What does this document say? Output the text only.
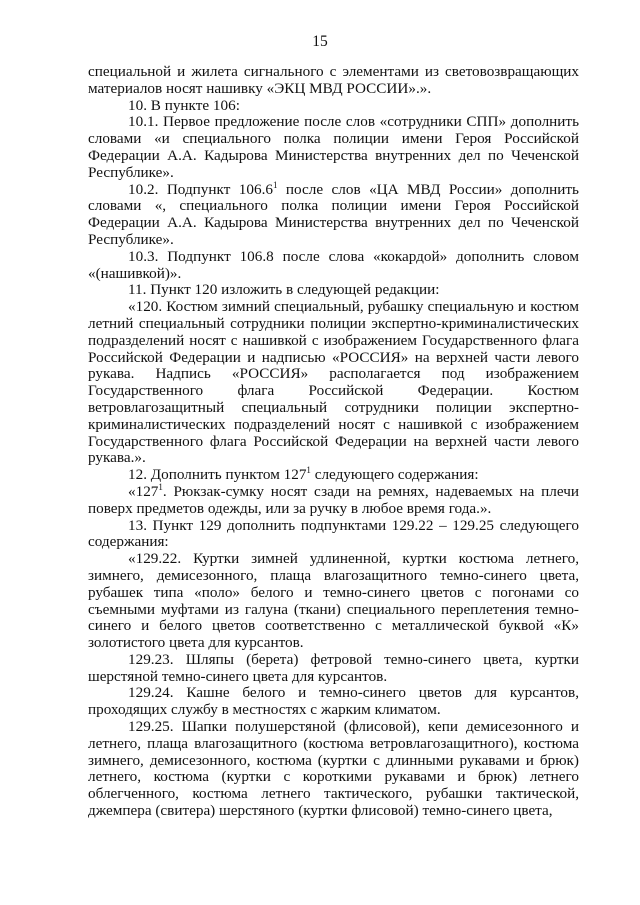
15

специальной и жилета сигнального с элементами из световозвращающих материалов носят нашивку «ЭКЦ МВД РОССИИ».».

10. В пункте 106:

10.1. Первое предложение после слов «сотрудники СПП» дополнить словами «и специального полка полиции имени Героя Российской Федерации А.А. Кадырова Министерства внутренних дел по Чеченской Республике».

10.2. Подпункт 106.6$^1$ после слов «ЦА МВД России» дополнить словами «, специального полка полиции имени Героя Российской Федерации А.А. Кадырова Министерства внутренних дел по Чеченской Республике».

10.3. Подпункт 106.8 после слова «кокардой» дополнить словом «(нашивкой)».

11. Пункт 120 изложить в следующей редакции:

«120. Костюм зимний специальный, рубашку специальную и костюм летний специальный сотрудники полиции экспертно-криминалистических подразделений носят с нашивкой с изображением Государственного флага Российской Федерации и надписью «РОССИЯ» на верхней части левого рукава. Надпись «РОССИЯ» располагается под изображением Государственного флага Российской Федерации. Костюм ветровлагозащитный специальный сотрудники полиции экспертно-криминалистических подразделений носят с нашивкой с изображением Государственного флага Российской Федерации на верхней части левого рукава.».

12. Дополнить пунктом $127^1$ следующего содержания:

«$127^1$. Рюкзак-сумку носят сзади на ремнях, надеваемых на плечи поверх предметов одежды, или за ручку в любое время года.».

13. Пункт 129 дополнить подпунктами 129.22 – 129.25 следующего содержания:

«129.22. Куртки зимней удлиненной, куртки костюма летнего, зимнего, демисезонного, плаща влагозащитного темно-синего цвета, рубашек типа «поло» белого и темно-синего цветов с погонами со съемными муфтами из галуна (ткани) специального переплетения темно-синего и белого цветов соответственно с металлической буквой «К» золотистого цвета для курсантов.

129.23. Шляпы (берета) фетровой темно-синего цвета, куртки шерстяной темно-синего цвета для курсантов.

129.24. Кашне белого и темно-синего цветов для курсантов, проходящих службу в местностях с жарким климатом.

129.25. Шапки полушерстяной (флисовой), кепи демисезонного и летнего, плаща влагозащитного (костюма ветровлагозащитного), костюма зимнего, демисезонного, костюма (куртки с длинными рукавами и брюк) летнего, костюма (куртки с короткими рукавами и брюк) летнего облегченного, костюма летнего тактического, рубашки тактической, джемпера (свитера) шерстяного (куртки флисовой) темно-синего цвета,
